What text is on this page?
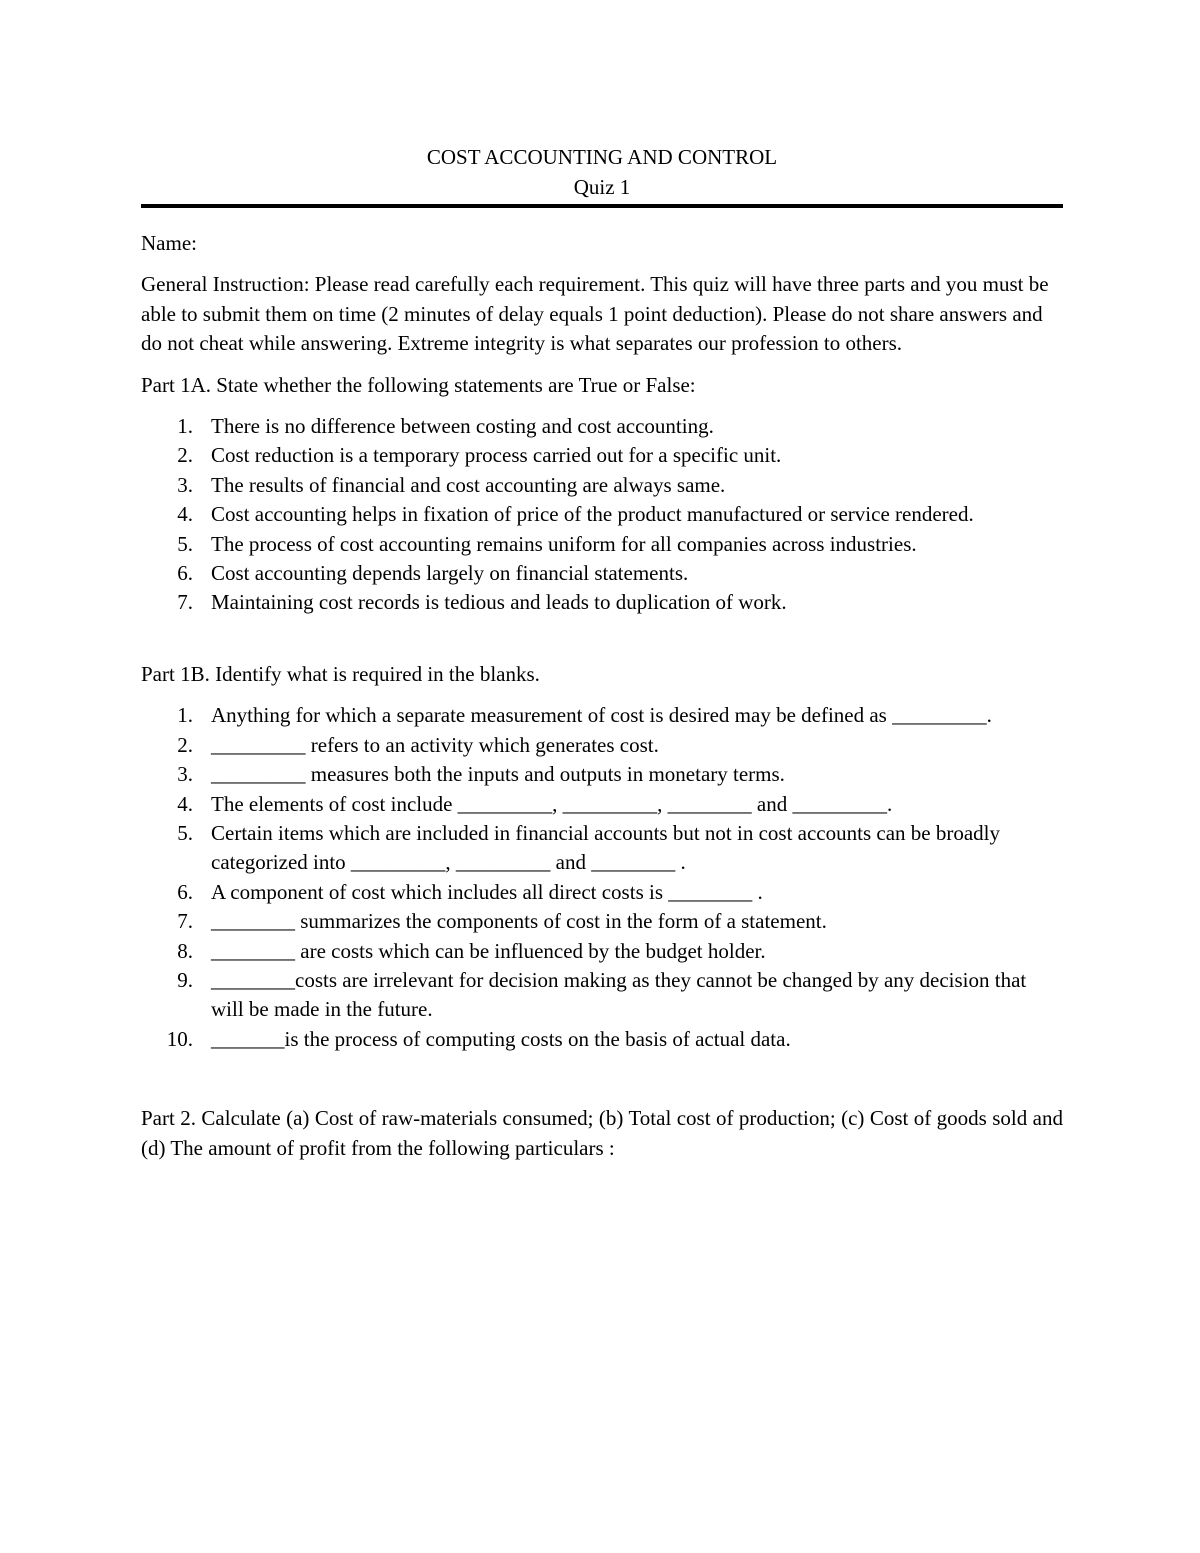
COST ACCOUNTING AND CONTROL
Quiz 1
Name:
General Instruction: Please read carefully each requirement. This quiz will have three parts and you must be able to submit them on time (2 minutes of delay equals 1 point deduction). Please do not share answers and do not cheat while answering. Extreme integrity is what separates our profession to others.
Part 1A. State whether the following statements are True or False:
1. There is no difference between costing and cost accounting.
2. Cost reduction is a temporary process carried out for a specific unit.
3. The results of financial and cost accounting are always same.
4. Cost accounting helps in fixation of price of the product manufactured or service rendered.
5. The process of cost accounting remains uniform for all companies across industries.
6. Cost accounting depends largely on financial statements.
7. Maintaining cost records is tedious and leads to duplication of work.
Part 1B. Identify what is required in the blanks.
1. Anything for which a separate measurement of cost is desired may be defined as _________.
2. _________ refers to an activity which generates cost.
3. _________ measures both the inputs and outputs in monetary terms.
4. The elements of cost include _________, _________, ________ and _________.
5. Certain items which are included in financial accounts but not in cost accounts can be broadly categorized into _________, _________ and ________ .
6. A component of cost which includes all direct costs is ________ .
7. ________ summarizes the components of cost in the form of a statement.
8. ________ are costs which can be influenced by the budget holder.
9. ________costs are irrelevant for decision making as they cannot be changed by any decision that will be made in the future.
10. _______is the process of computing costs on the basis of actual data.
Part 2. Calculate (a) Cost of raw-materials consumed; (b) Total cost of production; (c) Cost of goods sold and (d) The amount of profit from the following particulars :
